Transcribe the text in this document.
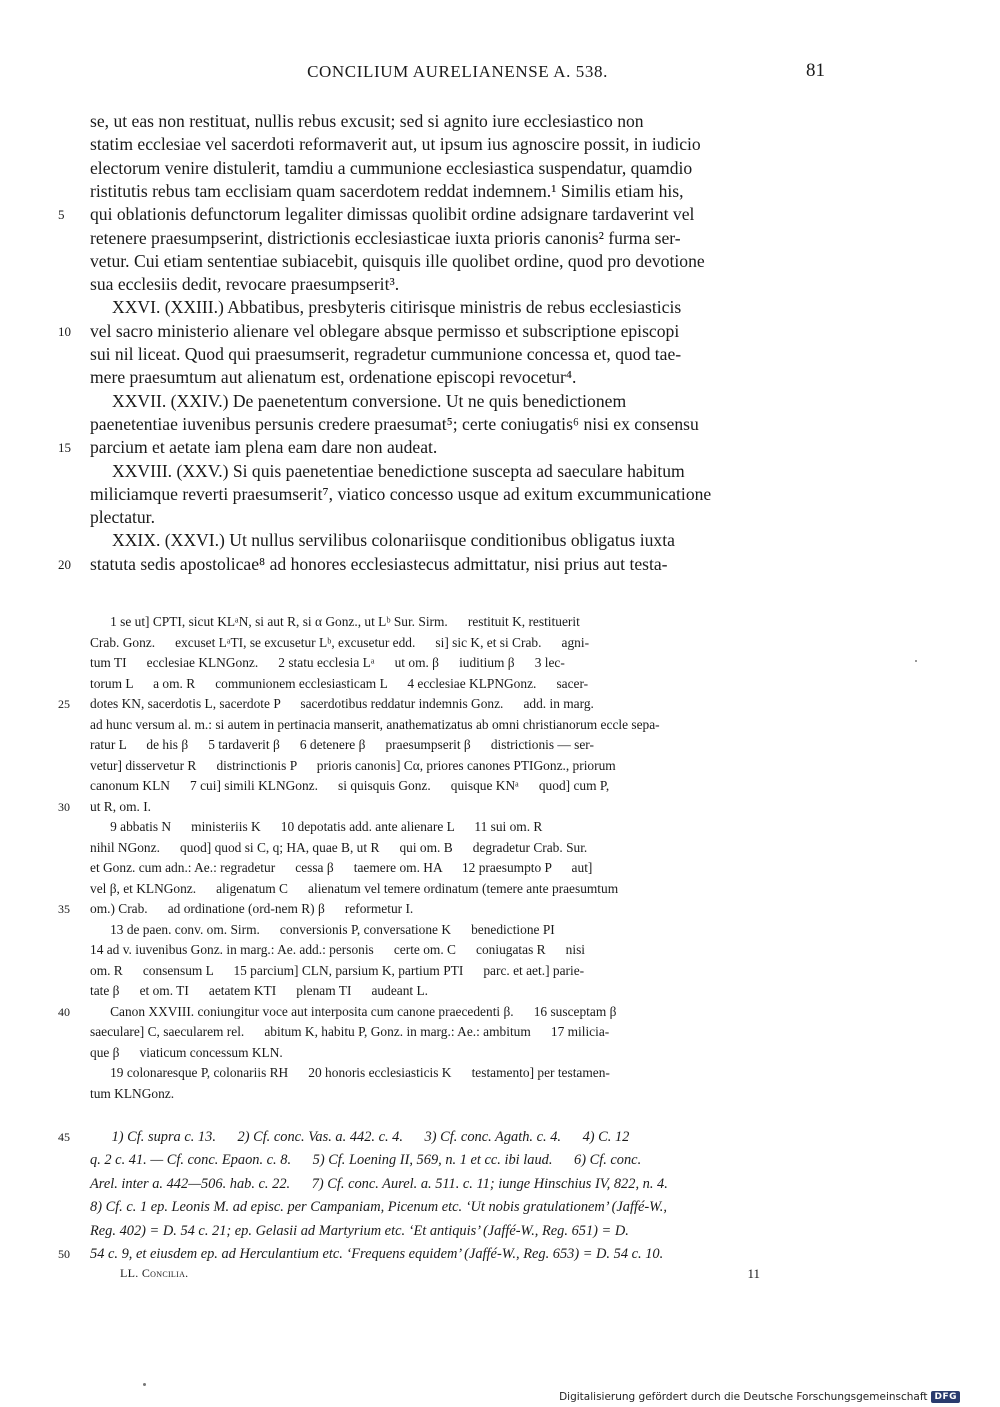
CONCILIUM AURELIANENSE A. 538.	81
se, ut eas non restituat, nullis rebus excusit; sed si agnito iure ecclesiastico non
statim ecclesiae vel sacerdoti reformaverit aut, ut ipsum ius agnoscire possit, in iudicio
electorum venire distulerit, tamdiu a cummunione ecclesiastica suspendatur, quamdio
ristitutis rebus tam ecclisiam quam sacerdotem reddat indemnem.¹ Similis etiam his,
5	qui oblationis defunctorum legaliter dimissas quolibit ordine adsignare tardaverint vel
retenere praesumpserint, districtionis ecclesiasticae iuxta prioris canonis² furma ser-
vetur. Cui etiam sententiae subiacebit, quisquis ille quolibet ordine, quod pro devotione
sua ecclesiis dedit, revocare praesumpserit³.
XXVI. (XXIII.) Abbatibus, presbyteris citirisque ministris de rebus ecclesiasticis
10	vel sacro ministerio alienare vel oblegare absque permisso et subscriptione episcopi
sui nil liceat. Quod qui praesumserit, regradetur cummunione concessa et, quod tae-
mere praesumtum aut alienatum est, ordenatione episcopi revocetur⁴.
XXVII. (XXIV.) De paenetentum conversione. Ut ne quis benedictionem
paenetentiae iuvenibus persunis credere praesumat⁵; certe coniugatis⁶ nisi ex consensu
15	parcium et aetate iam plena eam dare non audeat.
XXVIII. (XXV.) Si quis paenetentiae benedictione suscepta ad saeculare habitum
miliciamque reverti praesumserit⁷, viatico concesso usque ad exitum excummunicatione
plectatur.
XXIX. (XXVI.) Ut nullus servilibus colonariisque conditionibus obligatus iuxta
20	statuta sedis apostolicae⁸ ad honores ecclesiastecus admittatur, nisi prius aut testa-
1 se ut] CPTI, sicut KLᵃN, si aut R, si α Gonz., ut Lᵇ Sur. Sirm.      restituit K, restituerit
Crab. Gonz.      excuset LᵃTI, se excusetur Lᵇ, excusetur edd.      si] sic K, et si Crab.      agni-
tum TI      ecclesiae KLNGonz.      2 statu ecclesia Lᵃ      ut om. β      iuditium β      3 lec-
torum L      a om. R      communionem ecclesiasticam L      4 ecclesiae KLPNGonz.      sacer-
25	dotes KN, sacerdotis L, sacerdote P      sacerdotibus reddatur indemnis Gonz.      add. in marg.
ad hunc versum al. m.: si autem in pertinacia manserit, anathematizatus ab omni christianorum eccle sepa-
ratur L      de his β      5 tardaverit β      6 detenere β      praesumpserit β      districtionis — ser-
vetur] disservetur R      distrinctionis P      prioris canonis] Cα, priores canones PTIGonz., priorum
canonum KLN      7 cui] simili KLNGonz.      si quisquis Gonz.      quisque KNᵃ      quod] cum P,
30	ut R, om. I.
9 abbatis N      ministeriis K      10 depotatis add. ante alienare L      11 sui om. R
nihil NGonz.      quod] quod si C, q; HA, quae B, ut R      qui om. B      degradetur Crab. Sur.
et Gonz. cum adn.: Ae.: regradetur      cessa β      taemere om. HA      12 praesumpto P      aut]
vel β, et KLNGonz.      aligenatum C      alienatum vel temere ordinatum (temere ante praesumtum
35	om.) Crab.      ad ordinatione (ord-nem R) β      reformetur I.
13 de paen. conv. om. Sirm.      conversionis P, conversatione K      benedictione PI
14 ad v. iuvenibus Gonz. in marg.: Ae. add.: personis      certe om. C      coniugatas R      nisi
om. R      consensum L      15 parcium] CLN, parsium K, partium PTI      parc. et aet.] parie-
tate β      et om. TI      aetatem KTI      plenam TI      audeant L.
40	Canon XXVIII. coniungitur voce aut interposita cum canone praecedenti β.      16 susceptam β
saeculare] C, saecularem rel.      abitum K, habitu P, Gonz. in marg.: Ae.: ambitum      17 milicia-
que β      viaticum concessum KLN.
19 colonaresque P, colonariis RH      20 honoris ecclesiasticis K      testamento] per testamen-
tum KLNGonz.
45	1) Cf. supra c. 13.      2) Cf. conc. Vas. a. 442. c. 4.      3) Cf. conc. Agath. c. 4.      4) C. 12
q. 2 c. 41. — Cf. conc. Epaon. c. 8.      5) Cf. Loening II, 569, n. 1 et cc. ibi laud.      6) Cf. conc.
Arel. inter a. 442—506. hab. c. 22.      7) Cf. conc. Aurel. a. 511. c. 11; iunge Hinschius IV, 822, n. 4.
8) Cf. c. 1 ep. Leonis M. ad episc. per Campaniam, Picenum etc. ‘Ut nobis gratulationem’ (Jaffé-W.,
Reg. 402) = D. 54 c. 21; ep. Gelasii ad Martyrium etc. ‘Et antiquis’ (Jaffé-W., Reg. 651) = D.
50	54 c. 9, et eiusdem ep. ad Herculantium etc. ‘Frequens equidem’ (Jaffé-W., Reg. 653) = D. 54 c. 10.
LL. Concilia.	11
Digitalisierung gefördert durch die Deutsche Forschungsgemeinschaft DFG
